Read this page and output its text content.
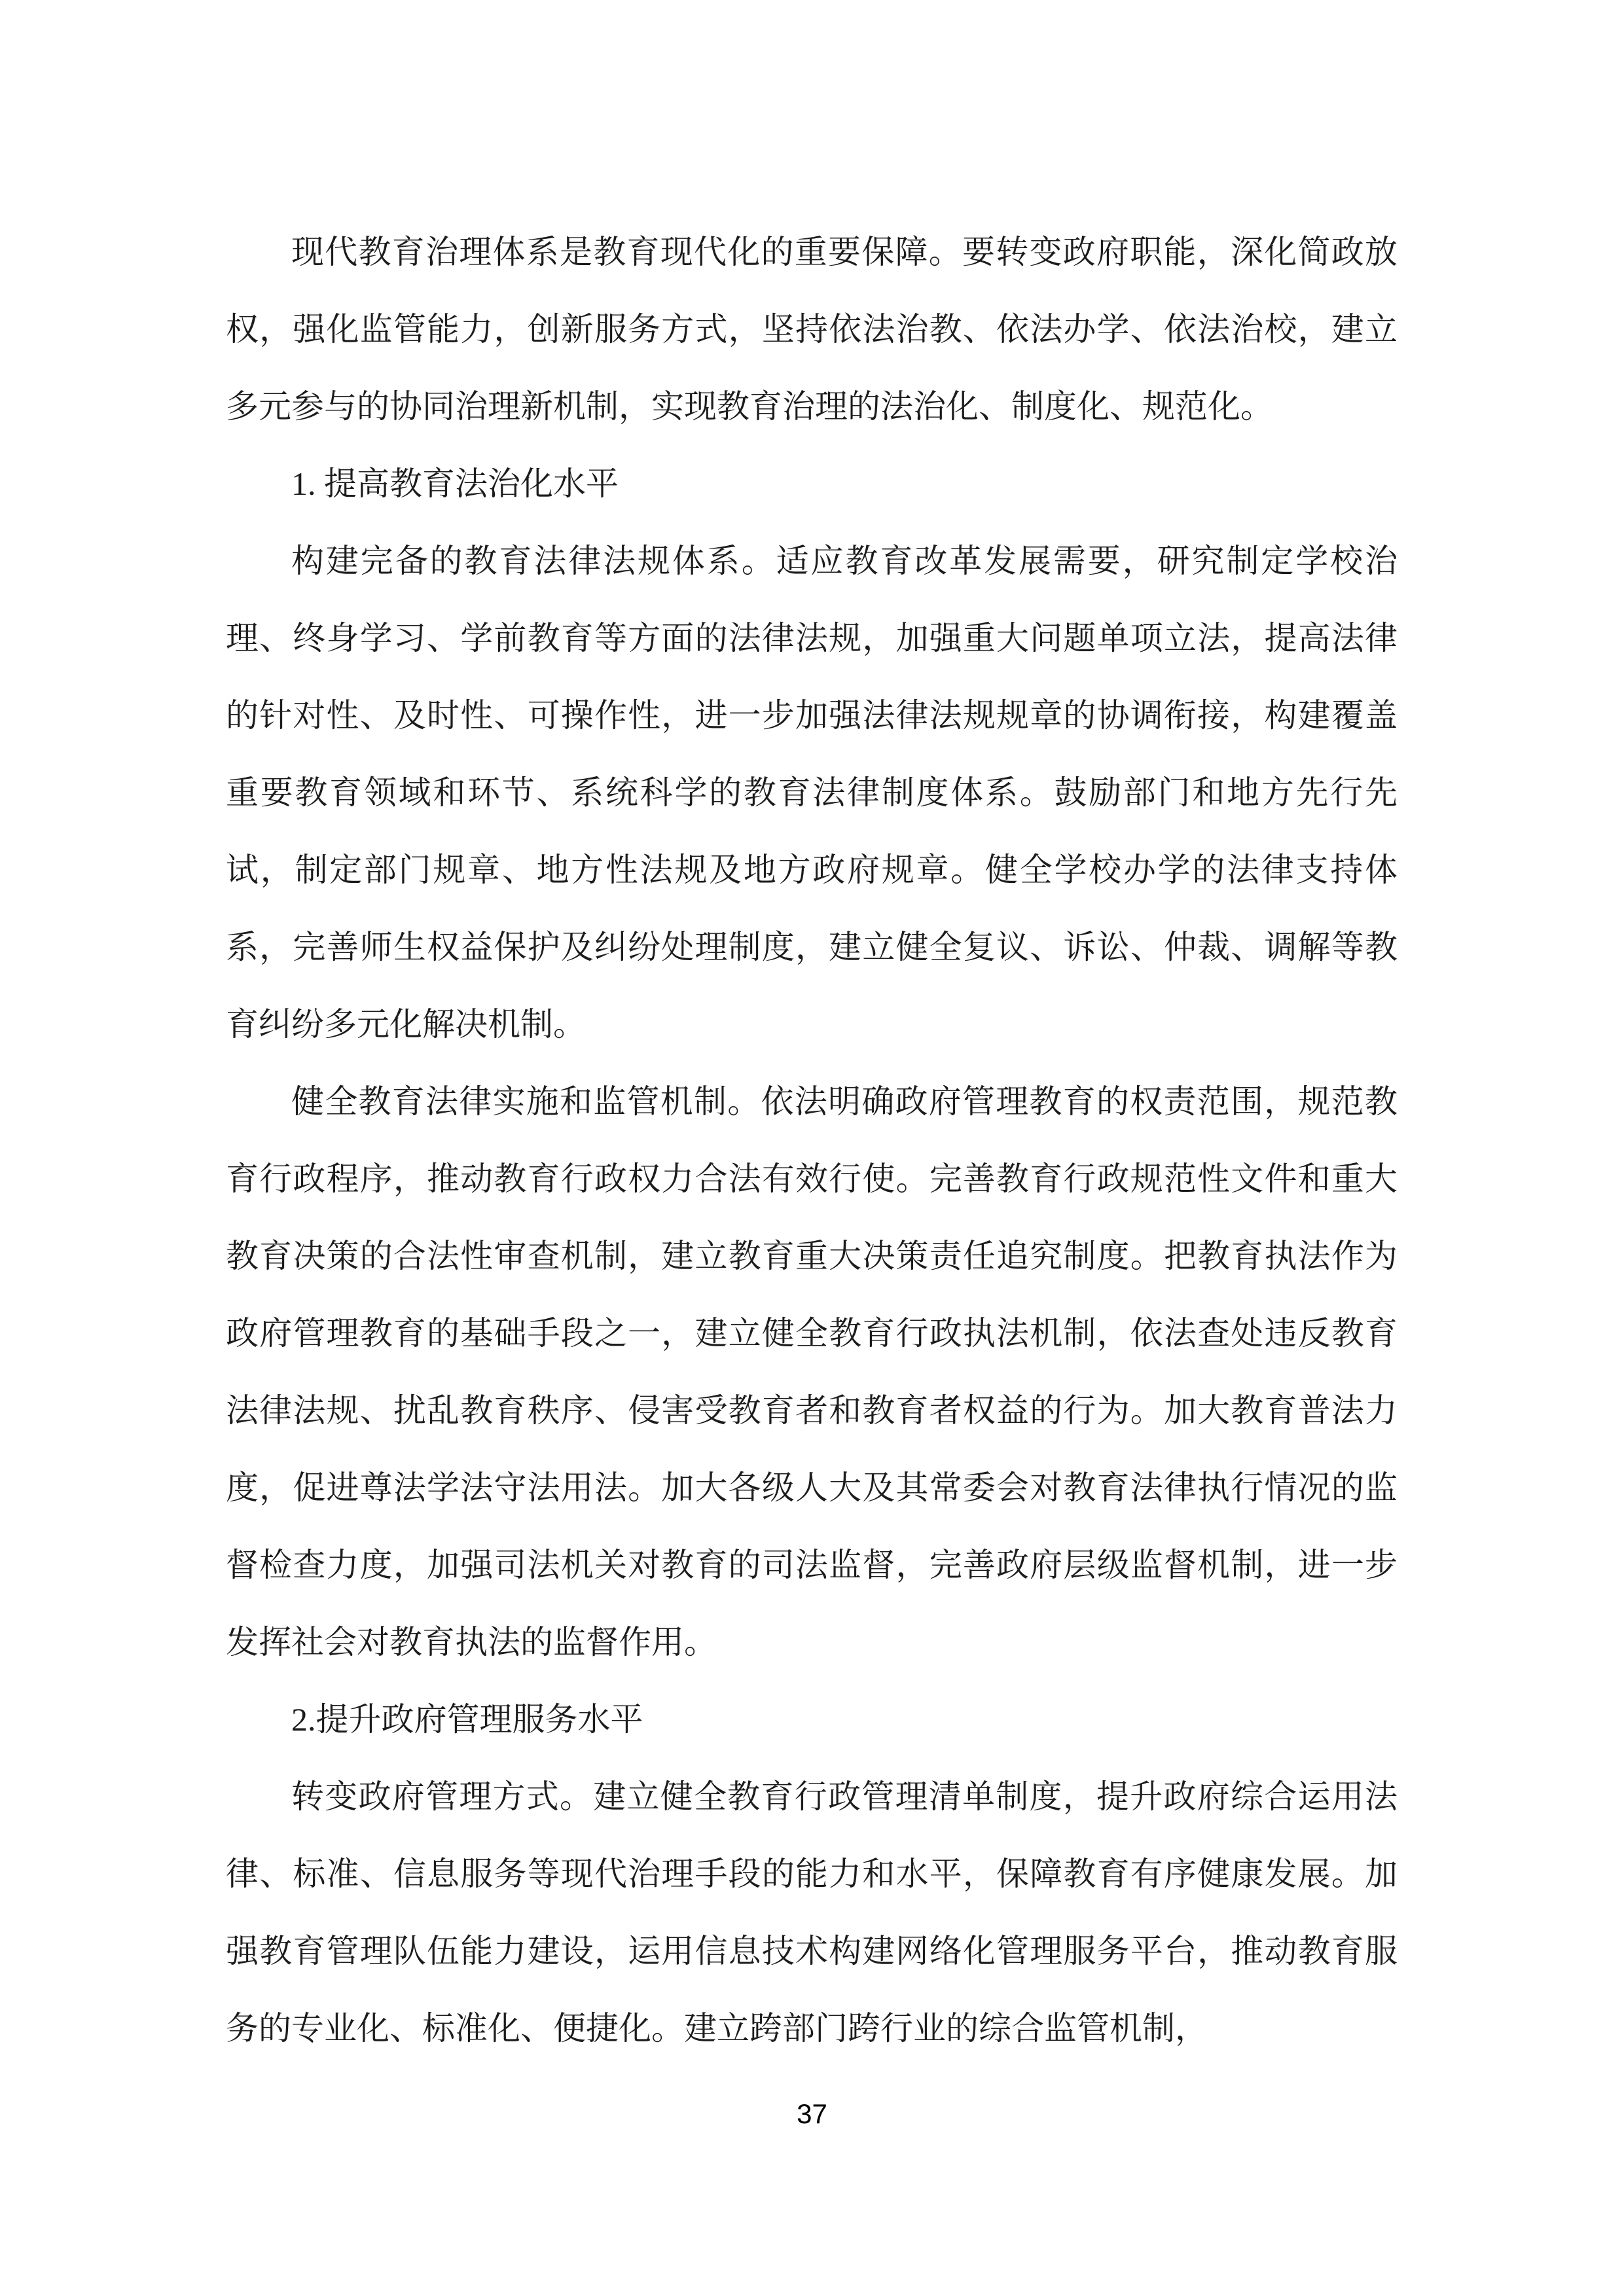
现代教育治理体系是教育现代化的重要保障。要转变政府职能，深化简政放权，强化监管能力，创新服务方式，坚持依法治教、依法办学、依法治校，建立多元参与的协同治理新机制，实现教育治理的法治化、制度化、规范化。

1. 提高教育法治化水平

构建完备的教育法律法规体系。适应教育改革发展需要，研究制定学校治理、终身学习、学前教育等方面的法律法规，加强重大问题单项立法，提高法律的针对性、及时性、可操作性，进一步加强法律法规规章的协调衔接，构建覆盖重要教育领域和环节、系统科学的教育法律制度体系。鼓励部门和地方先行先试，制定部门规章、地方性法规及地方政府规章。健全学校办学的法律支持体系，完善师生权益保护及纠纷处理制度，建立健全复议、诉讼、仲裁、调解等教育纠纷多元化解决机制。

健全教育法律实施和监管机制。依法明确政府管理教育的权责范围，规范教育行政程序，推动教育行政权力合法有效行使。完善教育行政规范性文件和重大教育决策的合法性审查机制，建立教育重大决策责任追究制度。把教育执法作为政府管理教育的基础手段之一，建立健全教育行政执法机制，依法查处违反教育法律法规、扰乱教育秩序、侵害受教育者和教育者权益的行为。加大教育普法力度，促进尊法学法守法用法。加大各级人大及其常委会对教育法律执行情况的监督检查力度，加强司法机关对教育的司法监督，完善政府层级监督机制，进一步发挥社会对教育执法的监督作用。

2.提升政府管理服务水平

转变政府管理方式。建立健全教育行政管理清单制度，提升政府综合运用法律、标准、信息服务等现代治理手段的能力和水平，保障教育有序健康发展。加强教育管理队伍能力建设，运用信息技术构建网络化管理服务平台，推动教育服务的专业化、标准化、便捷化。建立跨部门跨行业的综合监管机制，

37
